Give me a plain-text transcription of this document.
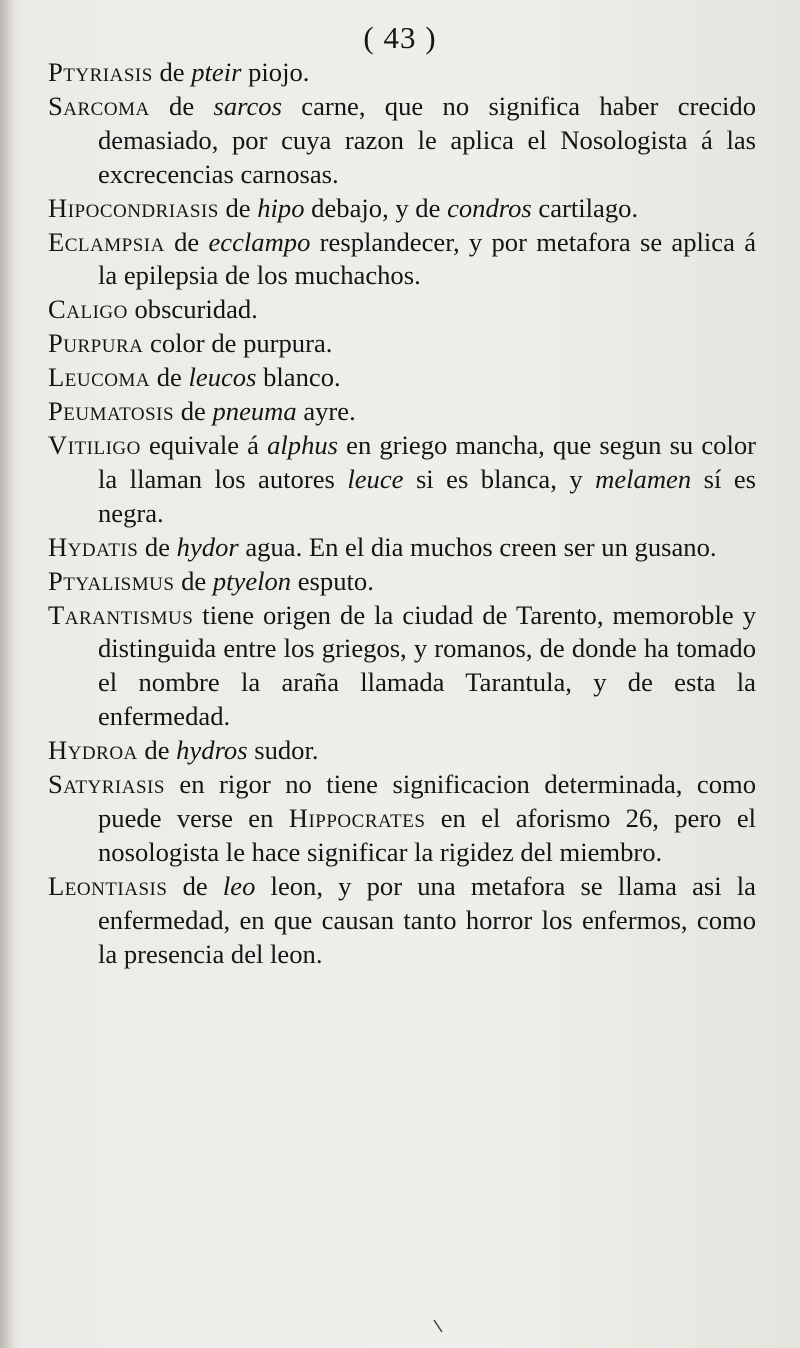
( 43 )

Ptyriasis de pteir piojo.

Sarcoma de sarcos carne, que no significa haber crecido demasiado, por cuya razon le aplica el Nosologista á las excrecencias carnosas.

Hipocondriasis de hipo debajo, y de condros cartilago.

Eclampsia de ecclampo resplandecer, y por metafora se aplica á la epilepsia de los muchachos.

Caligo obscuridad.

Purpura color de purpura.

Leucoma de leucos blanco.

Peumatosis de pneuma ayre.

Vitiligo equivale á alphus en griego mancha, que segun su color la llaman los autores leuce si es blanca, y melamen sí es negra.

Hydatis de hydor agua. En el dia muchos creen ser un gusano.

Ptyalismus de ptyelon esputo.

Tarantismus tiene origen de la ciudad de Tarento, memoroble y distinguida entre los griegos, y romanos, de donde ha tomado el nombre la araña llamada Tarantula, y de esta la enfermedad.

Hydroa de hydros sudor.

Satyriasis en rigor no tiene significacion determinada, como puede verse en Hippocrates en el aforismo 26, pero el nosologista le hace significar la rigidez del miembro.

Leontiasis de leo leon, y por una metafora se llama asi la enfermedad, en que causan tanto horror los enfermos, como la presencia del leon.
